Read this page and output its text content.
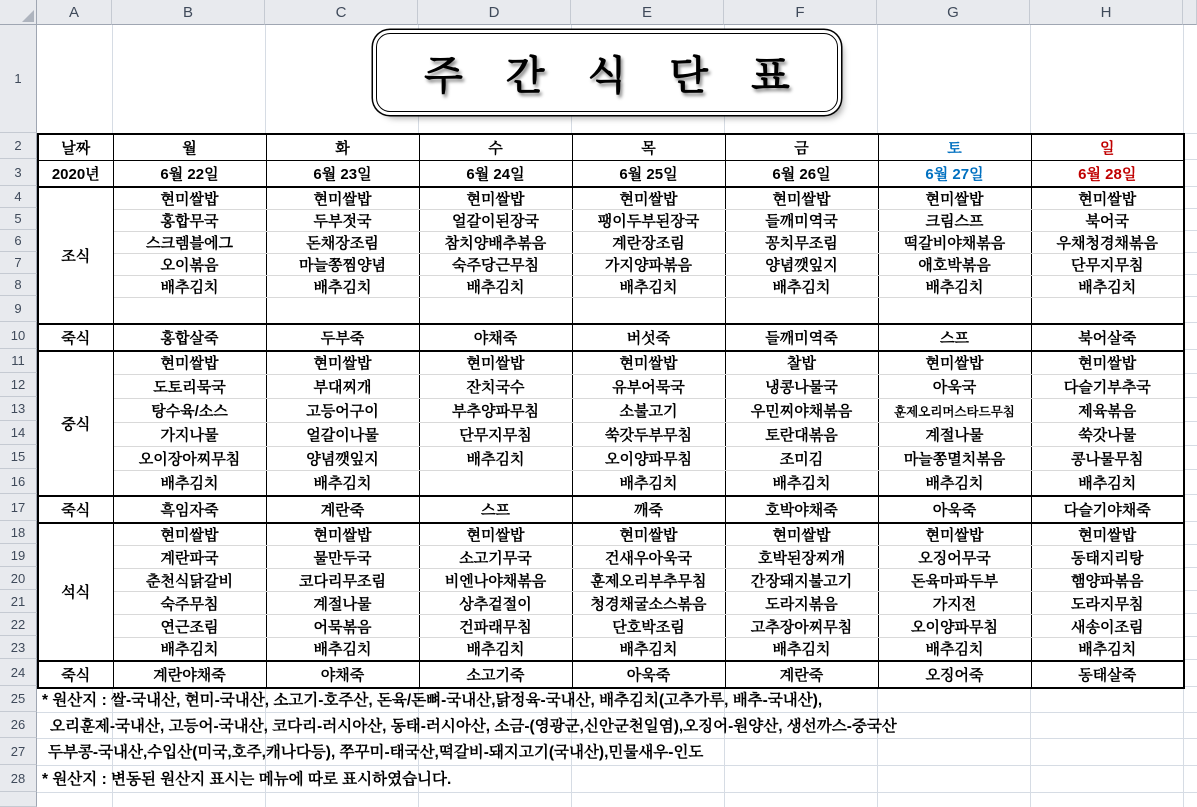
A	B	C	D	E	F	G	H
1
2
3
4
5
6
7
8
9
10
11
12
13
14
15
16
17
18
19
20
21
22
23
24
25
26
27
28
날짜	월	화	수	목	금	토	일
2020년	6월 22일	6월 23일	6월 24일	6월 25일	6월 26일	6월 27일	6월 28일
조식	현미쌀밥	현미쌀밥	현미쌀밥	현미쌀밥	현미쌀밥	현미쌀밥	현미쌀밥
	홍합무국	두부젓국	얼갈이된장국	팽이두부된장국	들깨미역국	크림스프	북어국
	스크렘블에그	돈채장조림	참치양배추볶음	계란장조림	꽁치무조림	떡갈비야채볶음	우채청경채볶음
	오이볶음	마늘쫑찜양념	숙주당근무침	가지양파볶음	양념깻잎지	애호박볶음	단무지무침
	배추김치	배추김치	배추김치	배추김치	배추김치	배추김치	배추김치

죽식	홍합살죽	두부죽	야채죽	버섯죽	들깨미역죽	스프	북어살죽
중식	현미쌀밥	현미쌀밥	현미쌀밥	현미쌀밥	찰밥	현미쌀밥	현미쌀밥
	도토리묵국	부대찌개	잔치국수	유부어묵국	냉콩나물국	아욱국	다슬기부추국
	탕수육/소스	고등어구이	부추양파무침	소불고기	우민찌야채볶음	훈제오리머스타드무침	제육볶음
	가지나물	얼갈이나물	단무지무침	쑥갓두부무침	토란대볶음	계절나물	쑥갓나물
	오이장아찌무침	양념깻잎지	배추김치	오이양파무침	조미김	마늘쫑멸치볶음	콩나물무침
	배추김치	배추김치		배추김치	배추김치	배추김치	배추김치
죽식	흑임자죽	계란죽	스프	깨죽	호박야채죽	아욱죽	다슬기야채죽
석식	현미쌀밥	현미쌀밥	현미쌀밥	현미쌀밥	현미쌀밥	현미쌀밥	현미쌀밥
	계란파국	물만두국	소고기무국	건새우아욱국	호박된장찌개	오징어무국	동태지리탕
	춘천식닭갈비	코다리무조림	비엔나야채볶음	훈제오리부추무침	간장돼지불고기	돈육마파두부	햄양파볶음
	숙주무침	계절나물	상추겉절이	청경채굴소스볶음	도라지볶음	가지전	도라지무침
	연근조림	어묵볶음	건파래무침	단호박조림	고추장아찌무침	오이양파무침	새송이조림
	배추김치	배추김치	배추김치	배추김치	배추김치	배추김치	배추김치
죽식	계란야채죽	야채죽	소고기죽	아욱죽	계란죽	오징어죽	동태살죽
주 간 식 단 표
* 원산지 : 쌀-국내산, 현미-국내산, 소고기-호주산, 돈육/돈뼈-국내산,닭정육-국내산, 배추김치(고추가루, 배추-국내산),
오리훈제-국내산, 고등어-국내산, 코다리-러시아산, 동태-러시아산, 소금-(영광군,신안군천일염),오징어-원양산, 생선까스-중국산
두부콩-국내산,수입산(미국,호주,캐나다등), 쭈꾸미-태국산,떡갈비-돼지고기(국내산),민물새우-인도
* 원산지 : 변동된 원산지 표시는 메뉴에 따로 표시하였습니다.
